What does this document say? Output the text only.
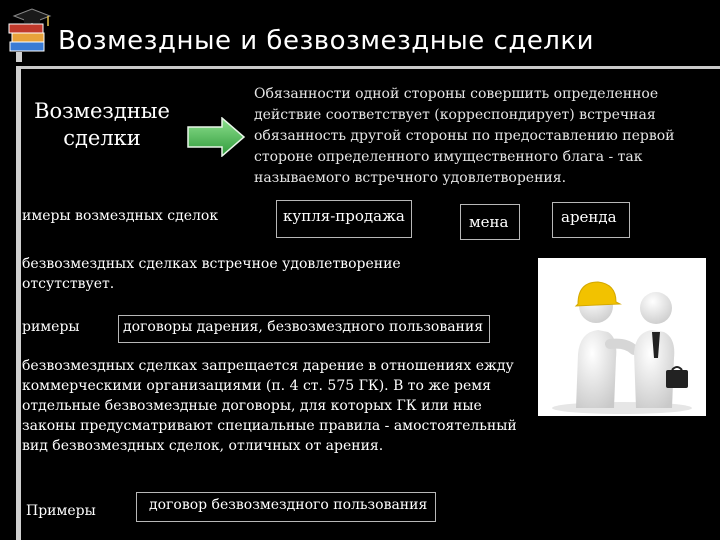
Возмездные и безвозмездные сделки
Возмездные сделки
Обязанности одной стороны совершить определенное действие соответствует (корреспондирует) встречная обязанность другой стороны по предоставлению первой стороне определенного имущественного блага - так называемого встречного удовлетворения.
имеры возмездных сделок	купля-продажа	мена	аренда
безвозмездных сделках встречное удовлетворение отсутствует.
римеры	договоры дарения, безвозмездного пользования
безвозмездных сделках запрещается дарение в отношениях ежду коммерческими организациями (п. 4 ст. 575 ГК). В то же ремя отдельные безвозмездные договоры, для которых ГК или ные законы предусматривают специальные правила - амостоятельный вид безвозмездных сделок, отличных от арения.
Примеры	договор безвозмездного пользования
